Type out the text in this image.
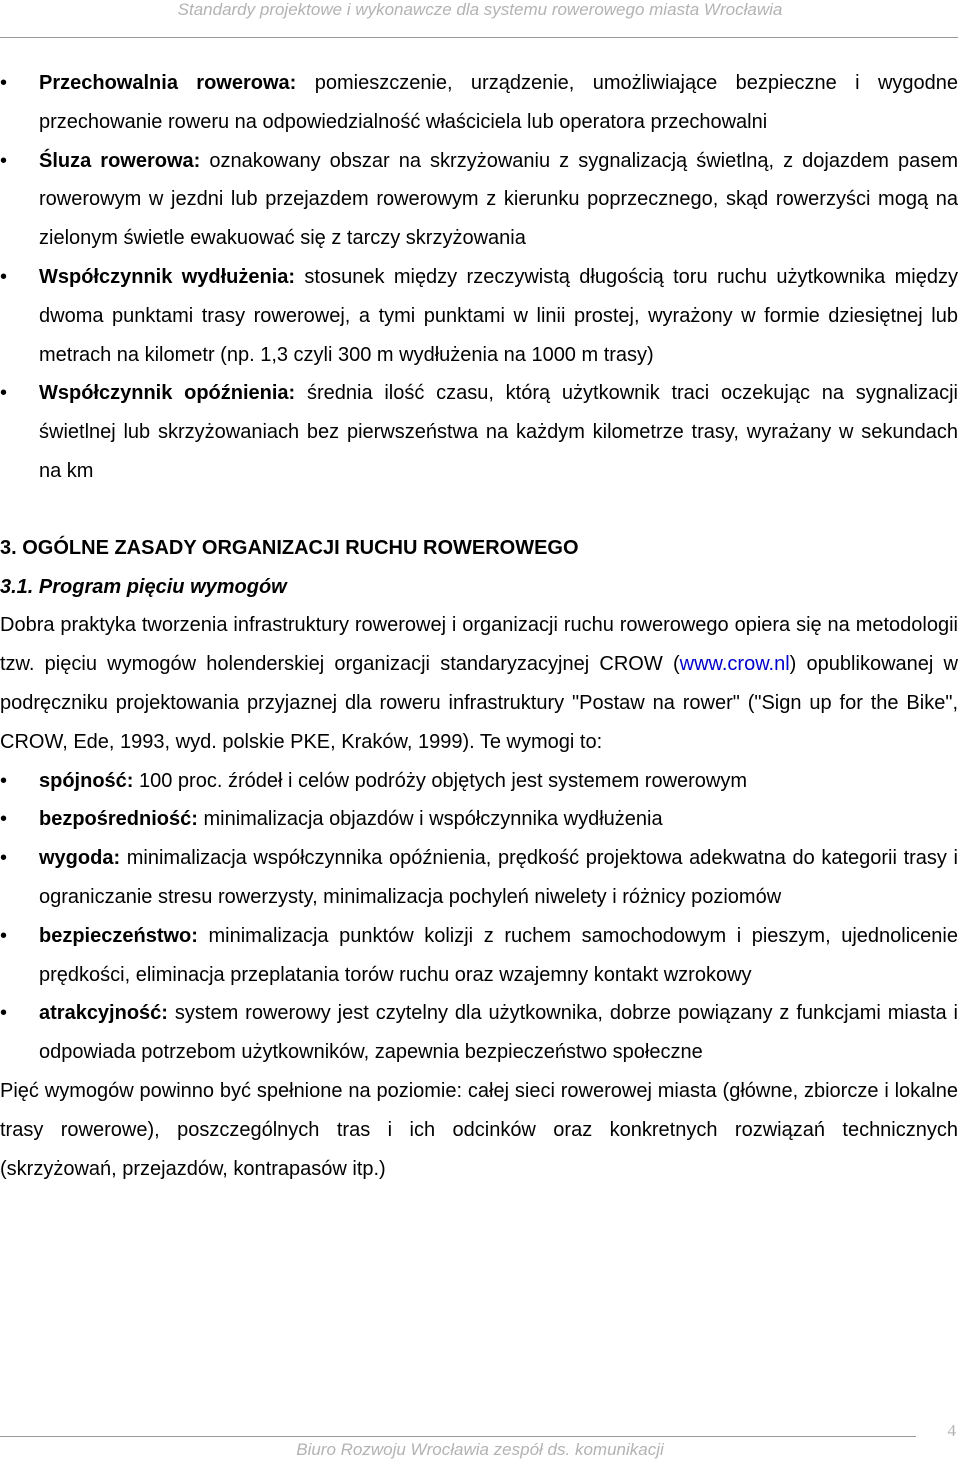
Standardy projektowe i wykonawcze dla systemu rowerowego miasta Wrocławia
• Przechowalnia rowerowa: pomieszczenie, urządzenie, umożliwiające bezpieczne i wygodne przechowanie roweru na odpowiedzialność właściciela lub operatora przechowalni
• Śluza rowerowa: oznakowany obszar na skrzyżowaniu z sygnalizacją świetlną, z dojazdem pasem rowerowym w jezdni lub przejazdem rowerowym z kierunku poprzecznego, skąd rowerzyści mogą na zielonym świetle ewakuować się z tarczy skrzyżowania
• Współczynnik wydłużenia: stosunek między rzeczywistą długością toru ruchu użytkownika między dwoma punktami trasy rowerowej, a tymi punktami w linii prostej, wyrażony w formie dziesiętnej lub metrach na kilometr (np. 1,3 czyli 300 m wydłużenia na 1000 m trasy)
• Współczynnik opóźnienia: średnia ilość czasu, którą użytkownik traci oczekując na sygnalizacji świetlnej lub skrzyżowaniach bez pierwszeństwa na każdym kilometrze trasy, wyrażany w sekundach na km
3. OGÓLNE ZASADY ORGANIZACJI RUCHU ROWEROWEGO
3.1. Program pięciu wymogów
Dobra praktyka tworzenia infrastruktury rowerowej i organizacji ruchu rowerowego opiera się na metodologii tzw. pięciu wymogów holenderskiej organizacji standaryzacyjnej CROW (www.crow.nl) opublikowanej w podręczniku projektowania przyjaznej dla roweru infrastruktury "Postaw na rower" ("Sign up for the Bike", CROW, Ede, 1993, wyd. polskie PKE, Kraków, 1999). Te wymogi to:
• spójność: 100 proc. źródeł i celów podróży objętych jest systemem rowerowym
• bezpośredniość: minimalizacja objazdów i współczynnika wydłużenia
• wygoda: minimalizacja współczynnika opóźnienia, prędkość projektowa adekwatna do kategorii trasy i ograniczanie stresu rowerzysty, minimalizacja pochyleń niwelety i różnicy poziomów
• bezpieczeństwo: minimalizacja punktów kolizji z ruchem samochodowym i pieszym, ujednolicenie prędkości, eliminacja przeplatania torów ruchu oraz wzajemny kontakt wzrokowy
• atrakcyjność: system rowerowy jest czytelny dla użytkownika, dobrze powiązany z funkcjami miasta i odpowiada potrzebom użytkowników, zapewnia bezpieczeństwo społeczne
Pięć wymogów powinno być spełnione na poziomie: całej sieci rowerowej miasta (główne, zbiorcze i lokalne trasy rowerowe), poszczególnych tras i ich odcinków oraz konkretnych rozwiązań technicznych (skrzyżowań, przejazdów, kontrapasów itp.)
4
Biuro Rozwoju Wrocławia zespół ds. komunikacji
